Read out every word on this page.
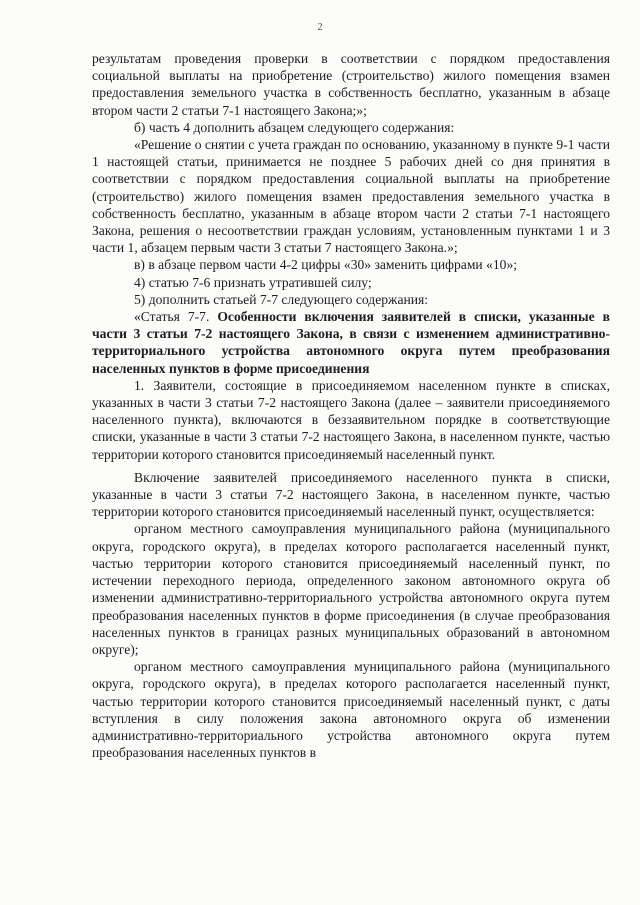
2

результатам проведения проверки в соответствии с порядком предоставления социальной выплаты на приобретение (строительство) жилого помещения взамен предоставления земельного участка в собственность бесплатно, указанным в абзаце втором части 2 статьи 7-1 настоящего Закона;»;

б) часть 4 дополнить абзацем следующего содержания:

«Решение о снятии с учета граждан по основанию, указанному в пункте 9-1 части 1 настоящей статьи, принимается не позднее 5 рабочих дней со дня принятия в соответствии с порядком предоставления социальной выплаты на приобретение (строительство) жилого помещения взамен предоставления земельного участка в собственность бесплатно, указанным в абзаце втором части 2 статьи 7-1 настоящего Закона, решения о несоответствии граждан условиям, установленным пунктами 1 и 3 части 1, абзацем первым части 3 статьи 7 настоящего Закона.»;

в) в абзаце первом части 4-2 цифры «30» заменить цифрами «10»;

4) статью 7-6 признать утратившей силу;

5) дополнить статьей 7-7 следующего содержания:

«Статья 7-7. Особенности включения заявителей в списки, указанные в части 3 статьи 7-2 настоящего Закона, в связи с изменением административно-территориального устройства автономного округа путем преобразования населенных пунктов в форме присоединения

1. Заявители, состоящие в присоединяемом населенном пункте в списках, указанных в части 3 статьи 7-2 настоящего Закона (далее – заявители присоединяемого населенного пункта), включаются в беззаявительном порядке в соответствующие списки, указанные в части 3 статьи 7-2 настоящего Закона, в населенном пункте, частью территории которого становится присоединяемый населенный пункт.

Включение заявителей присоединяемого населенного пункта в списки, указанные в части 3 статьи 7-2 настоящего Закона, в населенном пункте, частью территории которого становится присоединяемый населенный пункт, осуществляется:

органом местного самоуправления муниципального района (муниципального округа, городского округа), в пределах которого располагается населенный пункт, частью территории которого становится присоединяемый населенный пункт, по истечении переходного периода, определенного законом автономного округа об изменении административно-территориального устройства автономного округа путем преобразования населенных пунктов в форме присоединения (в случае преобразования населенных пунктов в границах разных муниципальных образований в автономном округе);

органом местного самоуправления муниципального района (муниципального округа, городского округа), в пределах которого располагается населенный пункт, частью территории которого становится присоединяемый населенный пункт, с даты вступления в силу положения закона автономного округа об изменении административно-территориального устройства автономного округа путем преобразования населенных пунктов в
